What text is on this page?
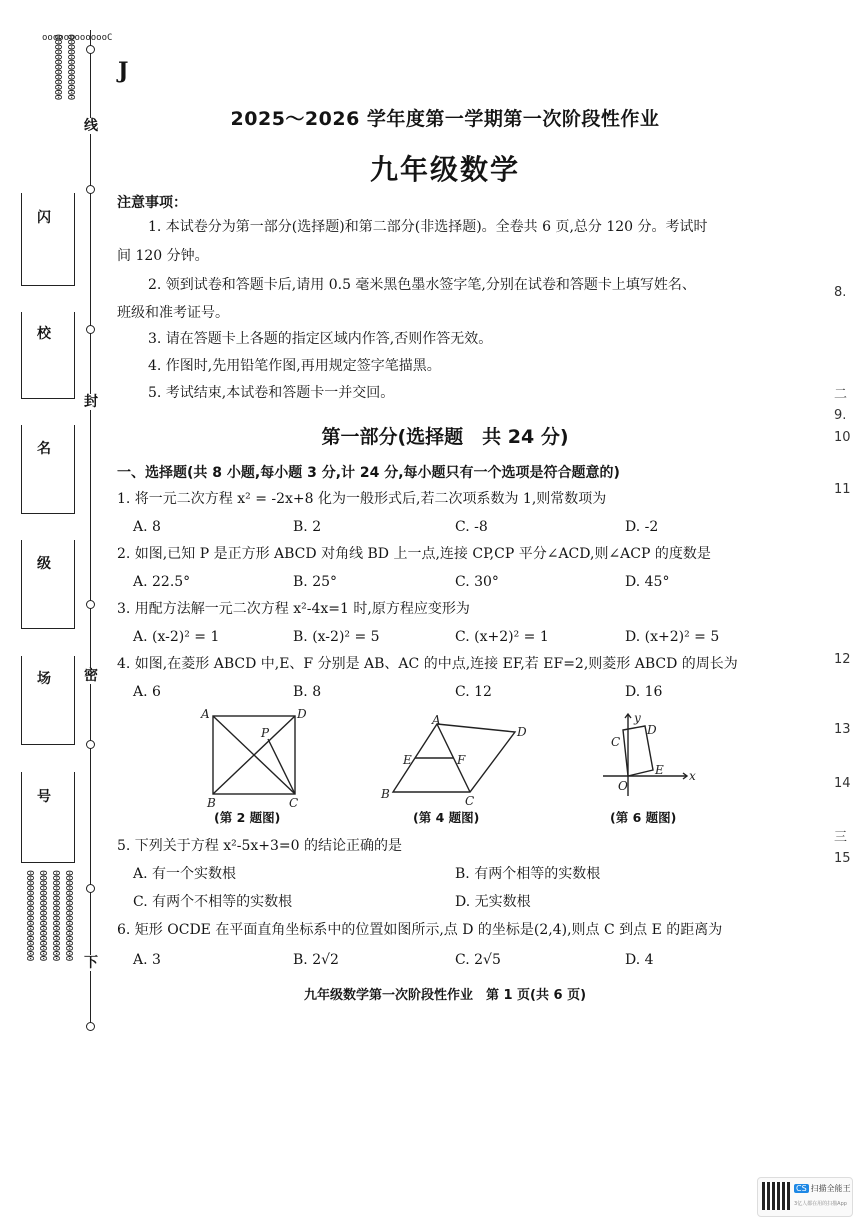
ooooooooooooC

0000000000000 0000000000000
000000000000000000 000000000000000000 000000000000000000 000000000000000000
线
封
密
下
闪
校
名
级
场
号
J
2025～2026 学年度第一学期第一次阶段性作业
九年级数学
注意事项：
1. 本试卷分为第一部分(选择题)和第二部分(非选择题)。全卷共 6 页,总分 120 分。考试时
间 120 分钟。
2. 领到试卷和答题卡后,请用 0.5 毫米黑色墨水签字笔,分别在试卷和答题卡上填写姓名、
班级和准考证号。
3. 请在答题卡上各题的指定区域内作答,否则作答无效。
4. 作图时,先用铅笔作图,再用规定签字笔描黑。
5. 考试结束,本试卷和答题卡一并交回。
第一部分(选择题　共 24 分)
一、选择题(共 8 小题,每小题 3 分,计 24 分,每小题只有一个选项是符合题意的)
1. 将一元二次方程 x² = -2x+8 化为一般形式后,若二次项系数为 1,则常数项为
A. 8	B. 2	C. -8	D. -2
2. 如图,已知 P 是正方形 ABCD 对角线 BD 上一点,连接 CP,CP 平分∠ACD,则∠ACP 的度数是
A. 22.5°	B. 25°	C. 30°	D. 45°
3. 用配方法解一元二次方程 x²-4x=1 时,原方程应变形为
A. (x-2)² = 1	B. (x-2)² = 5	C. (x+2)² = 1	D. (x+2)² = 5
4. 如图,在菱形 ABCD 中,E、F 分别是 AB、AC 的中点,连接 EF,若 EF=2,则菱形 ABCD 的周长为
A. 6	B. 8	C. 12	D. 16
A	D
P
B	C
(第 2 题图)
A
D
E	F
B	C
(第 4 题图)
y
C
D
O
E x
(第 6 题图)
5. 下列关于方程 x²-5x+3=0 的结论正确的是
A. 有一个实数根	B. 有两个相等的实数根
C. 有两个不相等的实数根	D. 无实数根
6. 矩形 OCDE 在平面直角坐标系中的位置如图所示,点 D 的坐标是(2,4),则点 C 到点 E 的距离为
A. 3	B. 2√2	C. 2√5	D. 4
九年级数学第一次阶段性作业　第 1 页(共 6 页)
8.
二
9.
10
11
12
13
14
三
15
CS 扫描全能王
3亿人都在用的扫描App
